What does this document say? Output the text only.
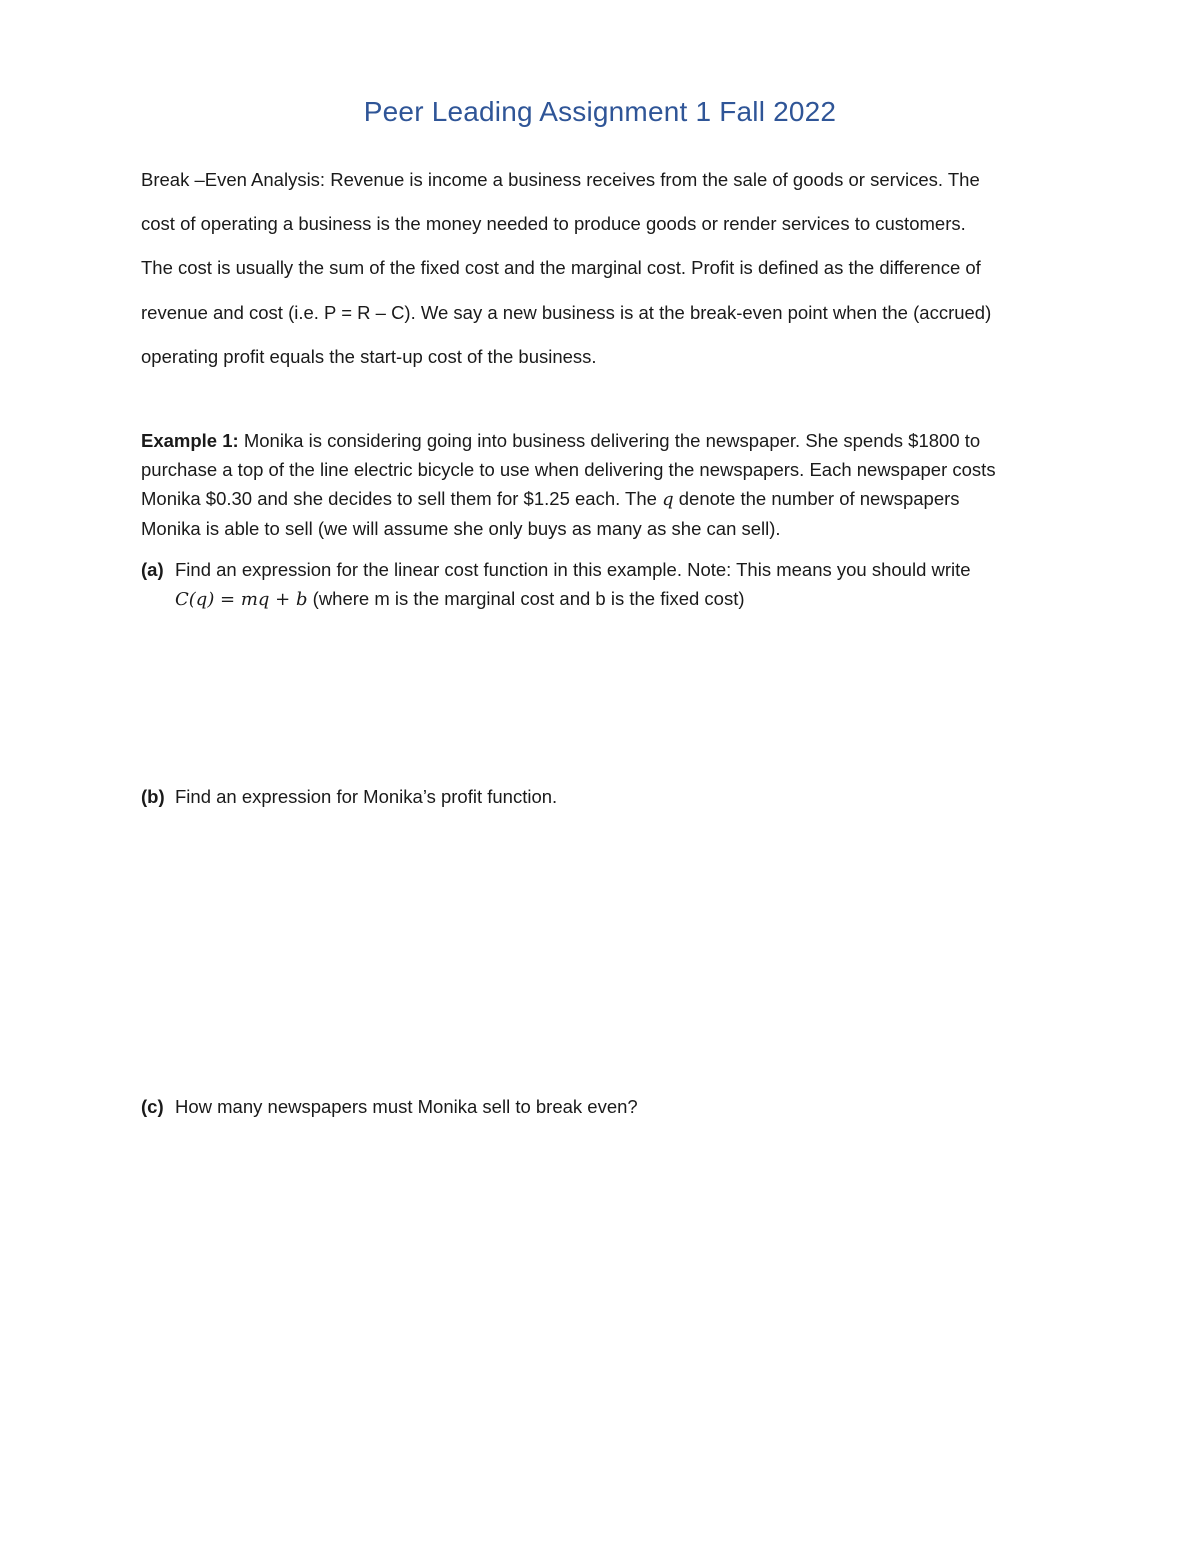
Peer Leading Assignment 1 Fall 2022
Break –Even Analysis: Revenue is income a business receives from the sale of goods or services. The
cost of operating a business is the money needed to produce goods or render services to customers.
The cost is usually the sum of the fixed cost and the marginal cost. Profit is defined as the difference of
revenue and cost (i.e. P = R – C). We say a new business is at the break-even point when the (accrued)
operating profit equals the start-up cost of the business.
Example 1: Monika is considering going into business delivering the newspaper. She spends $1800 to
purchase a top of the line electric bicycle to use when delivering the newspapers. Each newspaper costs
Monika $0.30 and she decides to sell them for $1.25 each. The q denote the number of newspapers
Monika is able to sell (we will assume she only buys as many as she can sell).
(a) Find an expression for the linear cost function in this example. Note: This means you should write
C(q) = mq + b (where m is the marginal cost and b is the fixed cost)
(b) Find an expression for Monika’s profit function.
(c) How many newspapers must Monika sell to break even?
